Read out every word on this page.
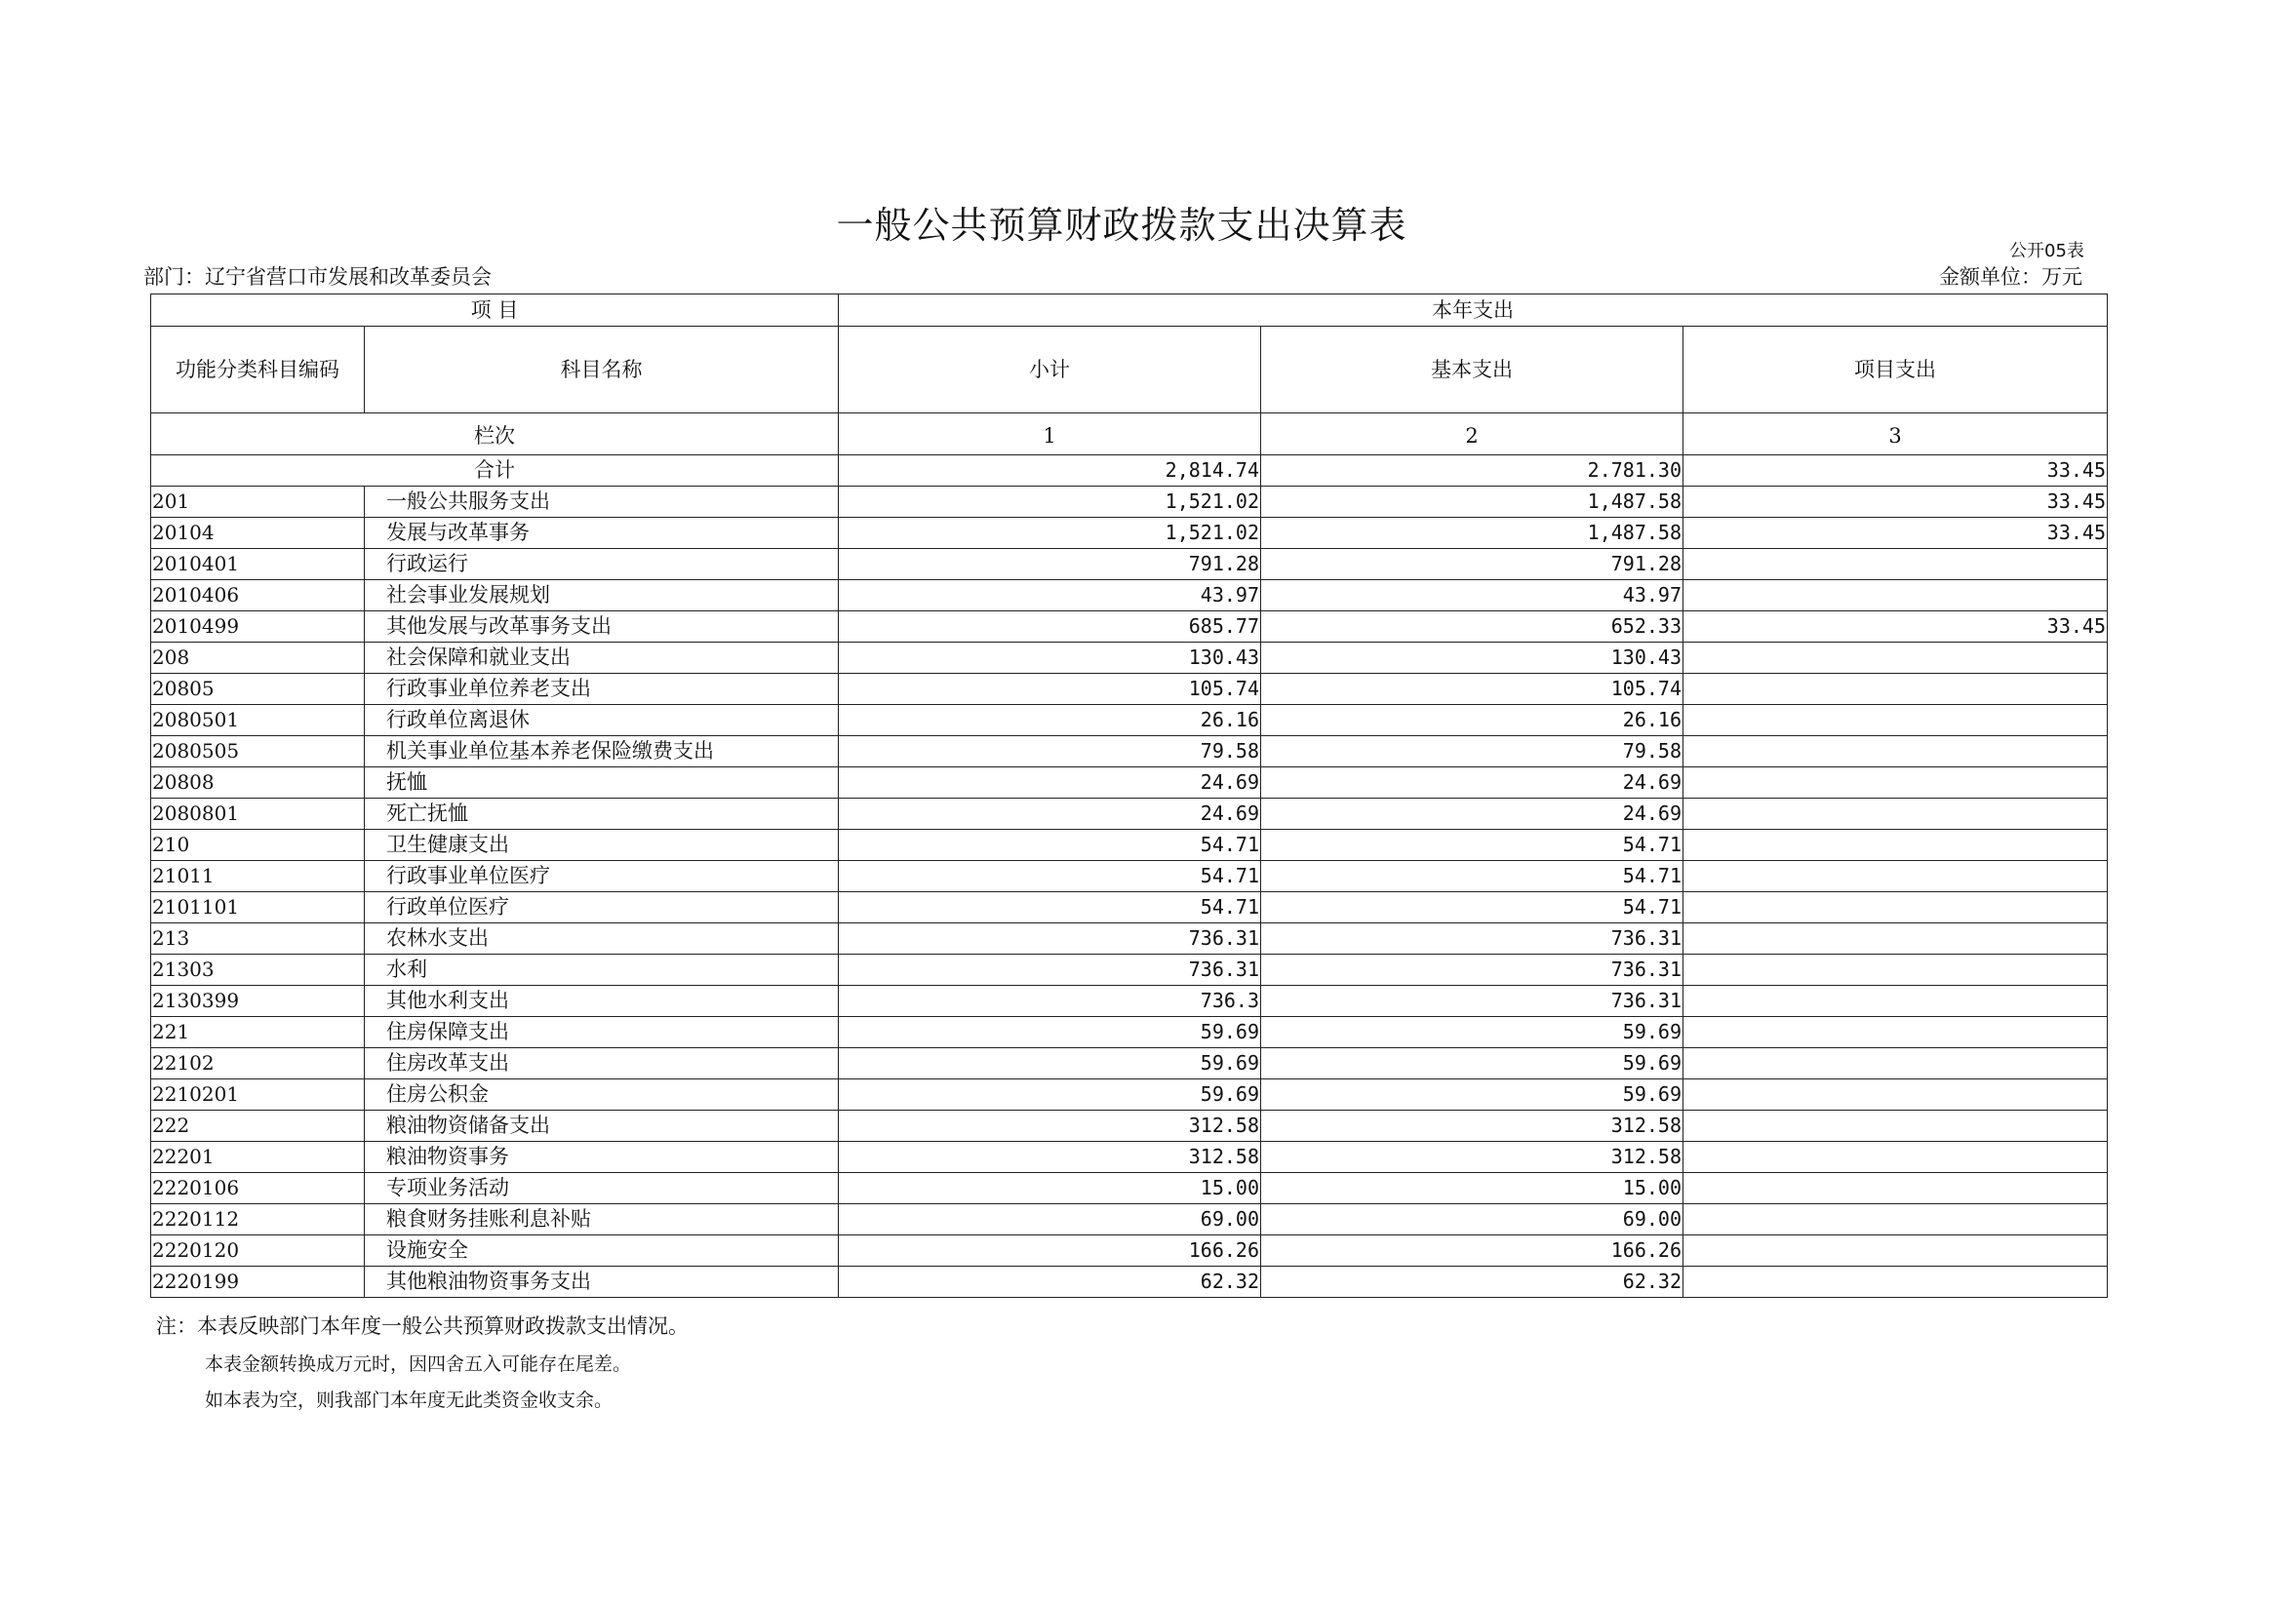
一般公共预算财政拨款支出决算表
公开05表
部门：辽宁省营口市发展和改革委员会	金额单位：万元
项 目		本年支出		
功能分类科目编码	科目名称	小计	基本支出	项目支出
栏次		1	2	3
合计		2,814.74	2.781.30	33.45
201	一般公共服务支出	1,521.02	1,487.58	33.45
20104	发展与改革事务	1,521.02	1,487.58	33.45
2010401	行政运行	791.28	791.28	
2010406	社会事业发展规划	43.97	43.97	
2010499	其他发展与改革事务支出	685.77	652.33	33.45
208	社会保障和就业支出	130.43	130.43	
20805	行政事业单位养老支出	105.74	105.74	
2080501	行政单位离退休	26.16	26.16	
2080505	机关事业单位基本养老保险缴费支出	79.58	79.58	
20808	抚恤	24.69	24.69	
2080801	死亡抚恤	24.69	24.69	
210	卫生健康支出	54.71	54.71	
21011	行政事业单位医疗	54.71	54.71	
2101101	行政单位医疗	54.71	54.71	
213	农林水支出	736.31	736.31	
21303	水利	736.31	736.31	
2130399	其他水利支出	736.3	736.31	
221	住房保障支出	59.69	59.69	
22102	住房改革支出	59.69	59.69	
2210201	住房公积金	59.69	59.69	
222	粮油物资储备支出	312.58	312.58	
22201	粮油物资事务	312.58	312.58	
2220106	专项业务活动	15.00	15.00	
2220112	粮食财务挂账利息补贴	69.00	69.00	
2220120	设施安全	166.26	166.26	
2220199	其他粮油物资事务支出	62.32	62.32	
注：本表反映部门本年度一般公共预算财政拨款支出情况。
本表金额转换成万元时，因四舍五入可能存在尾差。
如本表为空，则我部门本年度无此类资金收支余。
